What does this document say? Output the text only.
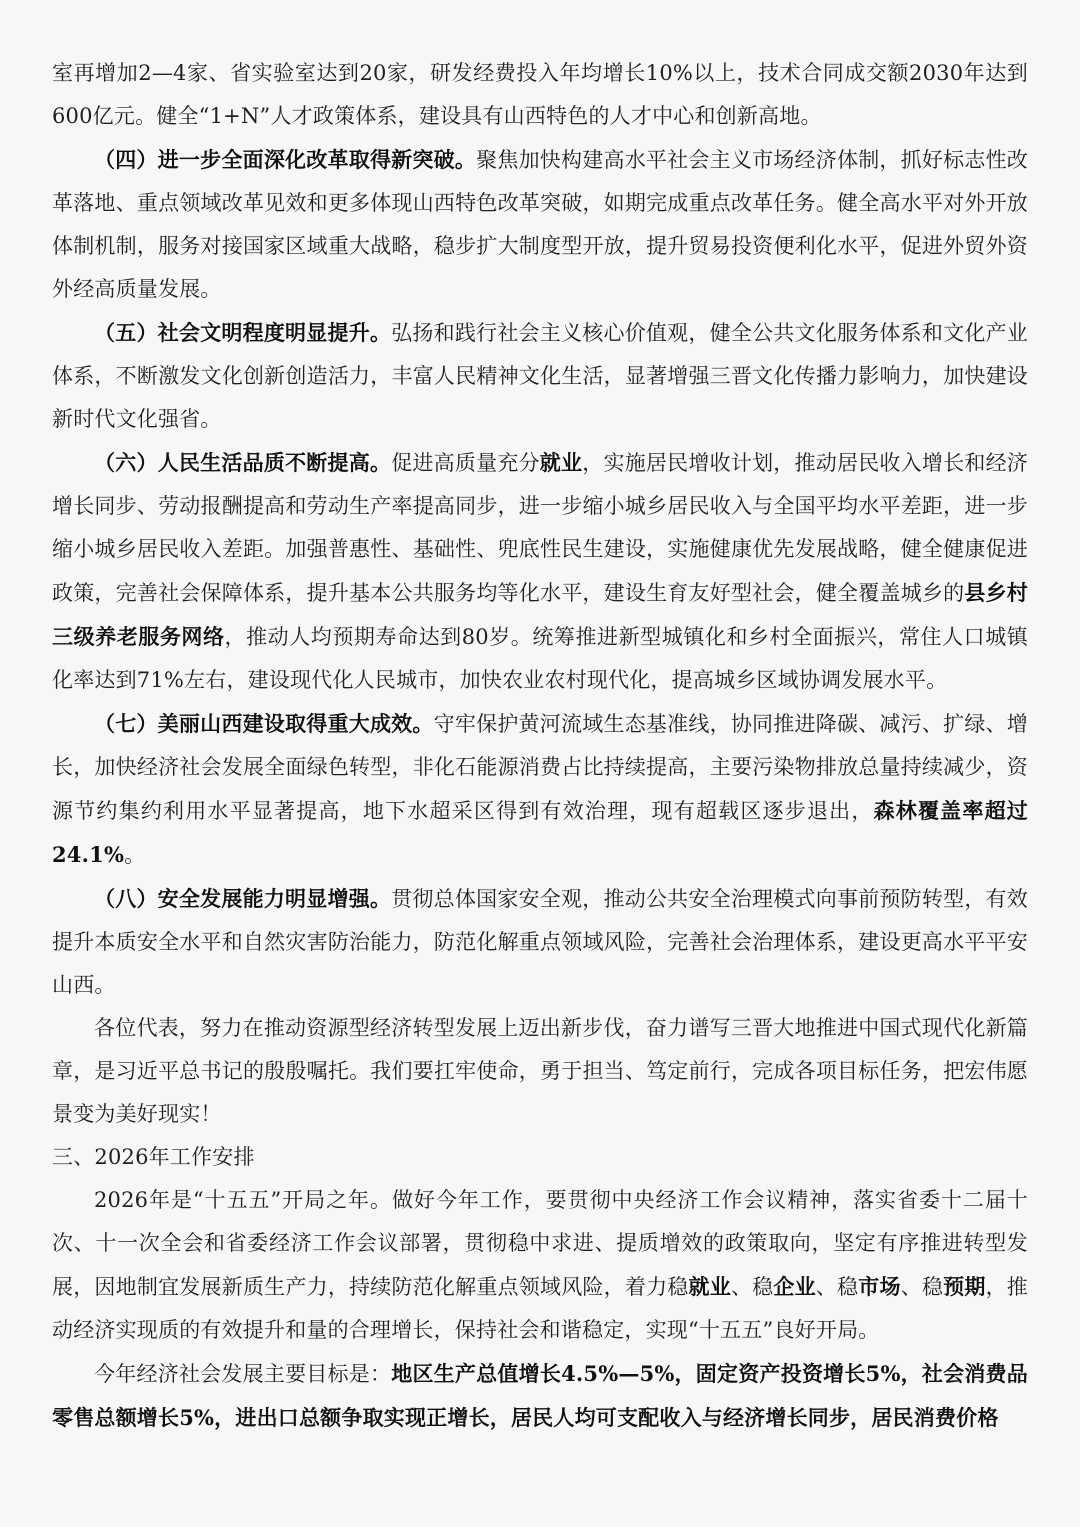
室再增加2—4家、省实验室达到20家，研发经费投入年均增长10%以上，技术合同成交额2030年达到600亿元。健全“1+N”人才政策体系，建设具有山西特色的人才中心和创新高地。

（四）进一步全面深化改革取得新突破。聚焦加快构建高水平社会主义市场经济体制，抓好标志性改革落地、重点领域改革见效和更多体现山西特色改革突破，如期完成重点改革任务。健全高水平对外开放体制机制，服务对接国家区域重大战略，稳步扩大制度型开放，提升贸易投资便利化水平，促进外贸外资外经高质量发展。

（五）社会文明程度明显提升。弘扬和践行社会主义核心价值观，健全公共文化服务体系和文化产业体系，不断激发文化创新创造活力，丰富人民精神文化生活，显著增强三晋文化传播力影响力，加快建设新时代文化强省。

（六）人民生活品质不断提高。促进高质量充分就业，实施居民增收计划，推动居民收入增长和经济增长同步、劳动报酬提高和劳动生产率提高同步，进一步缩小城乡居民收入与全国平均水平差距，进一步缩小城乡居民收入差距。加强普惠性、基础性、兜底性民生建设，实施健康优先发展战略，健全健康促进政策，完善社会保障体系，提升基本公共服务均等化水平，建设生育友好型社会，健全覆盖城乡的县乡村三级养老服务网络，推动人均预期寿命达到80岁。统筹推进新型城镇化和乡村全面振兴，常住人口城镇化率达到71%左右，建设现代化人民城市，加快农业农村现代化，提高城乡区域协调发展水平。

（七）美丽山西建设取得重大成效。守牢保护黄河流域生态基准线，协同推进降碳、减污、扩绿、增长，加快经济社会发展全面绿色转型，非化石能源消费占比持续提高，主要污染物排放总量持续减少，资源节约集约利用水平显著提高，地下水超采区得到有效治理，现有超载区逐步退出，森林覆盖率超过24.1%。

（八）安全发展能力明显增强。贯彻总体国家安全观，推动公共安全治理模式向事前预防转型，有效提升本质安全水平和自然灾害防治能力，防范化解重点领域风险，完善社会治理体系，建设更高水平平安山西。

各位代表，努力在推动资源型经济转型发展上迈出新步伐，奋力谱写三晋大地推进中国式现代化新篇章，是习近平总书记的殷殷嘱托。我们要扛牢使命，勇于担当、笃定前行，完成各项目标任务，把宏伟愿景变为美好现实！

三、2026年工作安排

2026年是“十五五”开局之年。做好今年工作，要贯彻中央经济工作会议精神，落实省委十二届十次、十一次全会和省委经济工作会议部署，贯彻稳中求进、提质增效的政策取向，坚定有序推进转型发展，因地制宜发展新质生产力，持续防范化解重点领域风险，着力稳就业、稳企业、稳市场、稳预期，推动经济实现质的有效提升和量的合理增长，保持社会和谐稳定，实现“十五五”良好开局。

今年经济社会发展主要目标是：地区生产总值增长4.5%—5%，固定资产投资增长5%，社会消费品零售总额增长5%，进出口总额争取实现正增长，居民人均可支配收入与经济增长同步，居民消费价格
